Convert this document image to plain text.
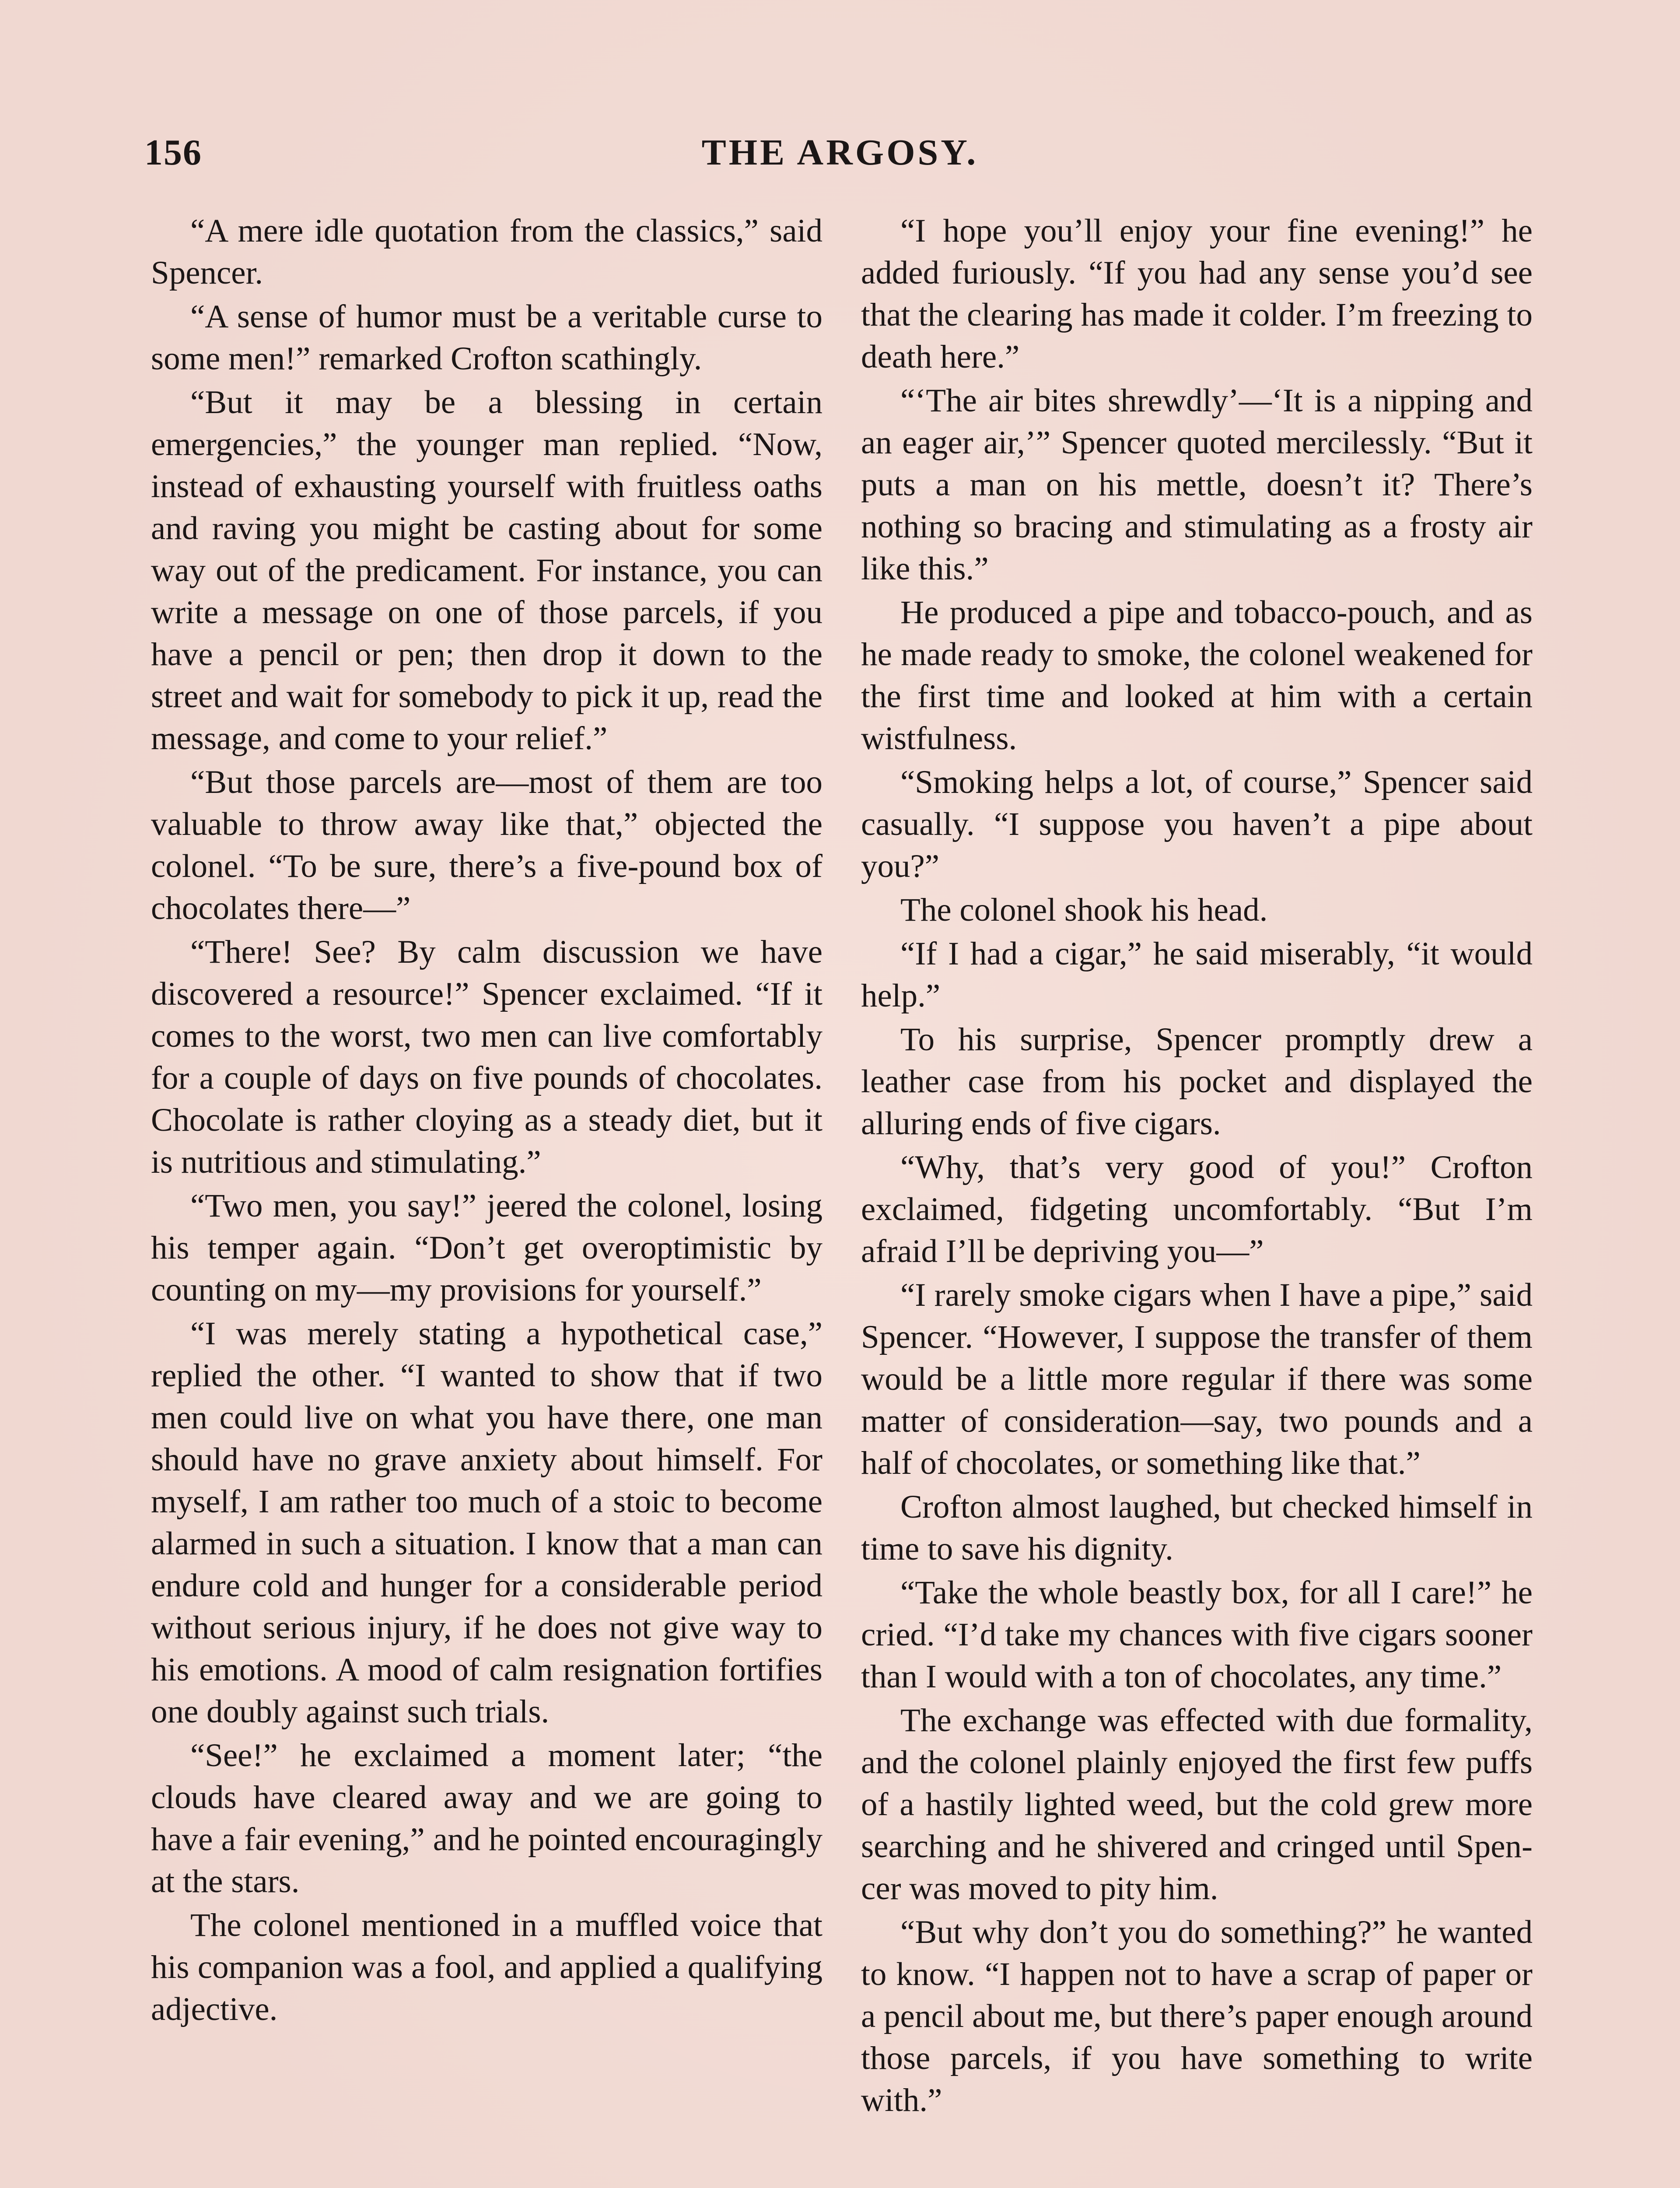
156	THE ARGOSY.

“A mere idle quotation from the classics,” said Spencer.

“A sense of humor must be a veritable curse to some men!” remarked Crofton scathingly.

“But it may be a blessing in certain emergencies,” the younger man replied. “Now, instead of exhausting yourself with fruitless oaths and raving you might be casting about for some way out of the predicament. For instance, you can write a message on one of those parcels, if you have a pencil or pen; then drop it down to the street and wait for somebody to pick it up, read the message, and come to your relief.”

“But those parcels are—most of them are too valuable to throw away like that,” objected the colonel. “To be sure, there’s a five-pound box of chocolates there—”

“There! See? By calm discussion we have discovered a resource!” Spencer exclaimed. “If it comes to the worst, two men can live comfortably for a couple of days on five pounds of chocolates. Chocolate is rather cloying as a steady diet, but it is nutritious and stimulating.”

“Two men, you say!” jeered the colonel, losing his temper again. “Don’t get overoptimistic by counting on my—my provisions for yourself.”

“I was merely stating a hypothetical case,” replied the other. “I wanted to show that if two men could live on what you have there, one man should have no grave anxiety about himself. For myself, I am rather too much of a stoic to become alarmed in such a situation. I know that a man can endure cold and hunger for a considerable period without serious injury, if he does not give way to his emotions. A mood of calm resignation fortifies one doubly against such trials.

“See!” he exclaimed a moment later; “the clouds have cleared away and we are going to have a fair evening,” and he pointed encouragingly at the stars.

The colonel mentioned in a muffled voice that his companion was a fool, and applied a qualifying adjective.

“I hope you’ll enjoy your fine evening!” he added furiously. “If you had any sense you’d see that the clearing has made it colder. I’m freezing to death here.”

“‘The air bites shrewdly’—‘It is a nipping and an eager air,’” Spencer quoted mercilessly. “But it puts a man on his mettle, doesn’t it? There’s nothing so bracing and stimulating as a frosty air like this.”

He produced a pipe and tobacco-pouch, and as he made ready to smoke, the colonel weakened for the first time and looked at him with a certain wistfulness.

“Smoking helps a lot, of course,” Spencer said casually. “I suppose you haven’t a pipe about you?”

The colonel shook his head.

“If I had a cigar,” he said miserably, “it would help.”

To his surprise, Spencer promptly drew a leather case from his pocket and displayed the alluring ends of five cigars.

“Why, that’s very good of you!” Crofton exclaimed, fidgeting uncomfortably. “But I’m afraid I’ll be depriving you—”

“I rarely smoke cigars when I have a pipe,” said Spencer. “However, I suppose the transfer of them would be a little more regular if there was some matter of consideration—say, two pounds and a half of chocolates, or something like that.”

Crofton almost laughed, but checked himself in time to save his dignity.

“Take the whole beastly box, for all I care!” he cried. “I’d take my chances with five cigars sooner than I would with a ton of chocolates, any time.”

The exchange was effected with due formality, and the colonel plainly enjoyed the first few puffs of a hastily lighted weed, but the cold grew more searching and he shivered and cringed until Spencer was moved to pity him.

“But why don’t you do something?” he wanted to know. “I happen not to have a scrap of paper or a pencil about me, but there’s paper enough around those parcels, if you have something to write with.”
